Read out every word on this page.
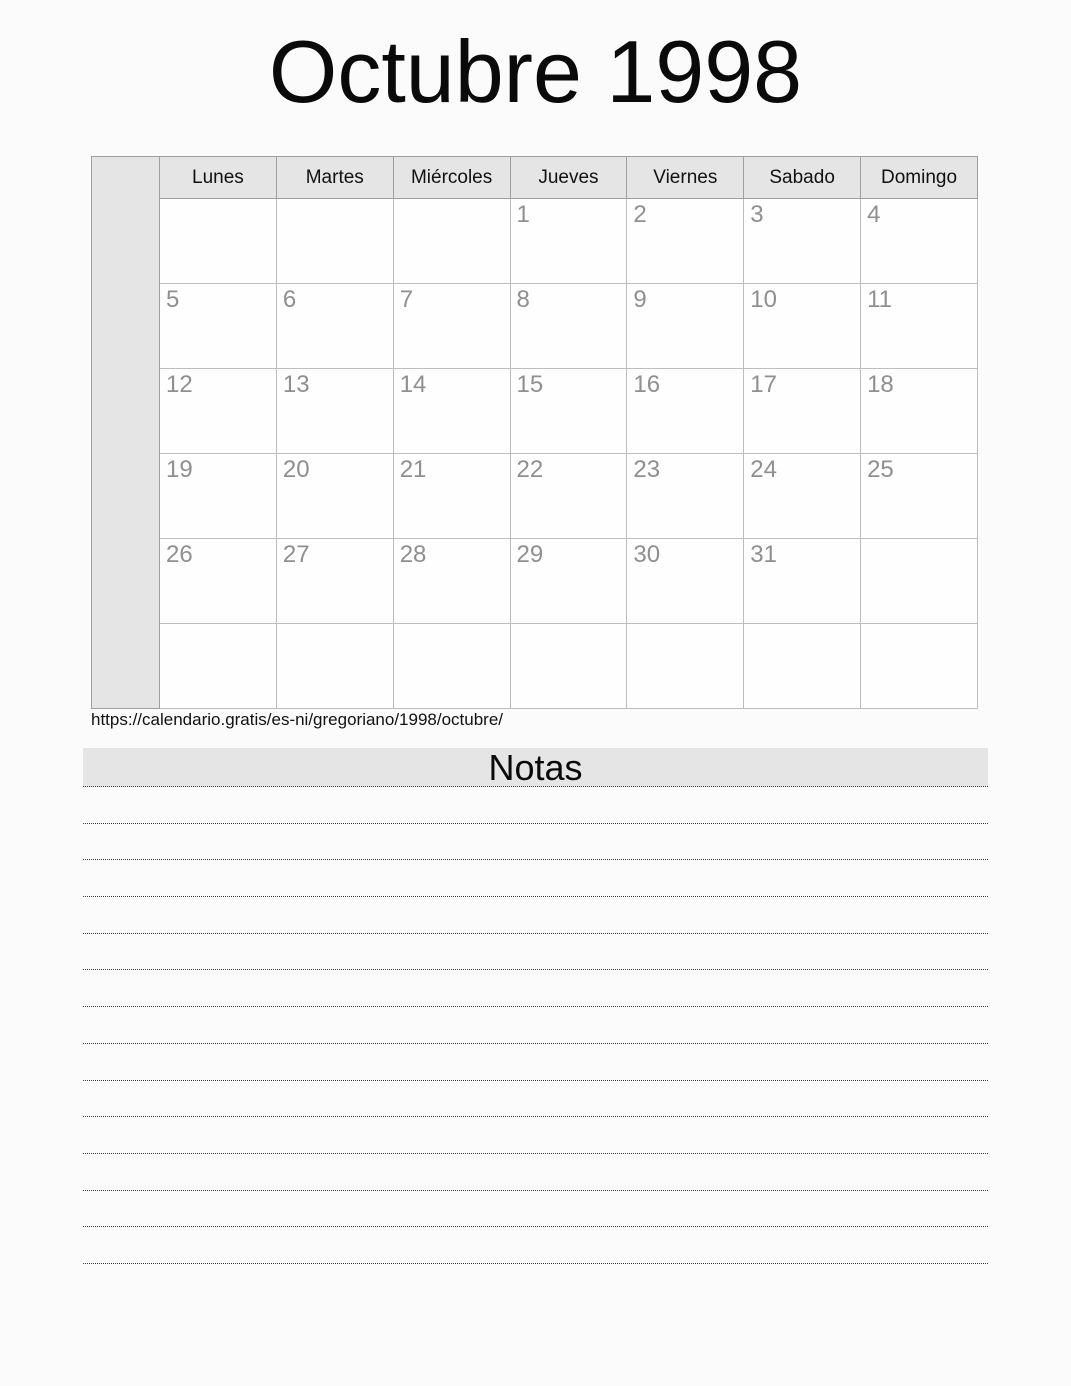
Octubre 1998
	Lunes	Martes	Miércoles	Jueves	Viernes	Sabado	Domingo

				1	2	3	4

	5	6	7	8	9	10	11

	12	13	14	15	16	17	18

	19	20	21	22	23	24	25

	26	27	28	29	30	31	

https://calendario.gratis/es-ni/gregoriano/1998/octubre/
Notas
